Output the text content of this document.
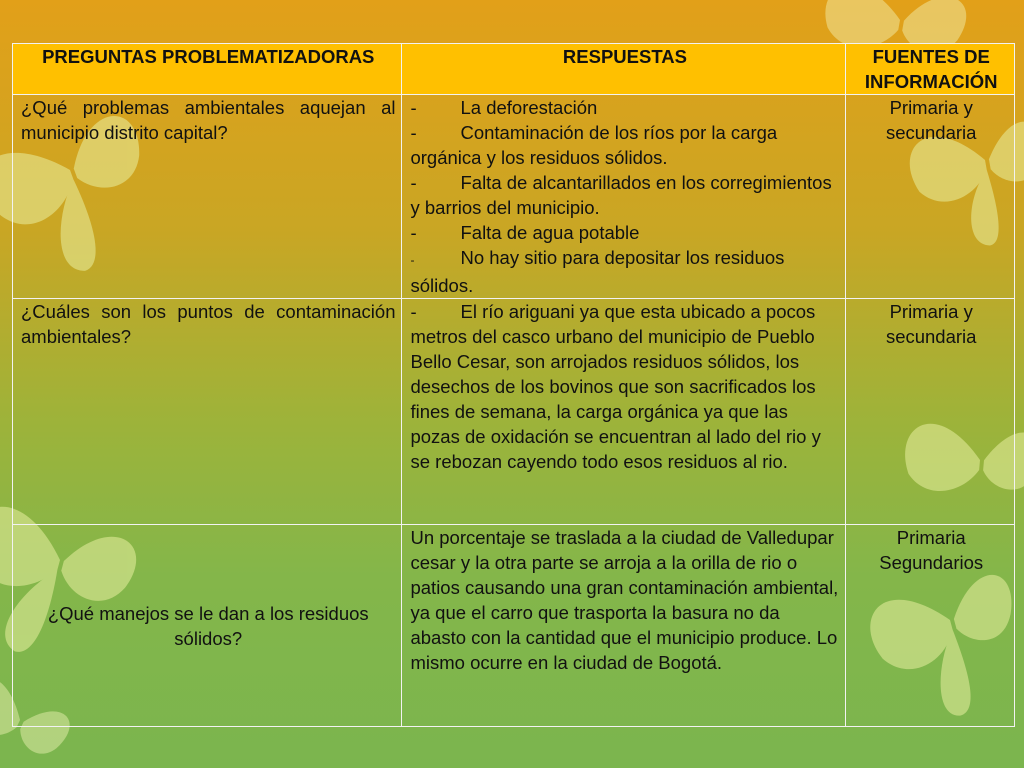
PREGUNTAS PROBLEMATIZADORAS	RESPUESTAS	FUENTES DE INFORMACIÓN
¿Qué problemas ambientales aquejan al municipio distrito capital?	- La deforestación
- Contaminación de los ríos por la carga orgánica y los residuos sólidos.
- Falta de alcantarillados en los corregimientos y barrios del municipio.
- Falta de agua potable
- No hay sitio para depositar los residuos sólidos.	Primaria y secundaria
¿Cuáles son los puntos de contaminación ambientales?	- El río ariguani ya que esta ubicado a pocos metros del casco urbano del municipio de Pueblo Bello Cesar, son arrojados residuos sólidos, los desechos de los bovinos que son sacrificados los fines de semana, la carga orgánica ya que las pozas de oxidación se encuentran al lado del rio y se rebozan cayendo todo esos residuos al rio.	Primaria y secundaria
¿Qué manejos se le dan a los residuos sólidos?	Un porcentaje se traslada a la ciudad de Valledupar cesar y la otra parte se arroja a la orilla de rio o patios causando una gran contaminación ambiental, ya que el carro que trasporta la basura no da abasto con la cantidad que el municipio produce. Lo mismo ocurre en la ciudad de Bogotá.	Primaria
Segundarios
